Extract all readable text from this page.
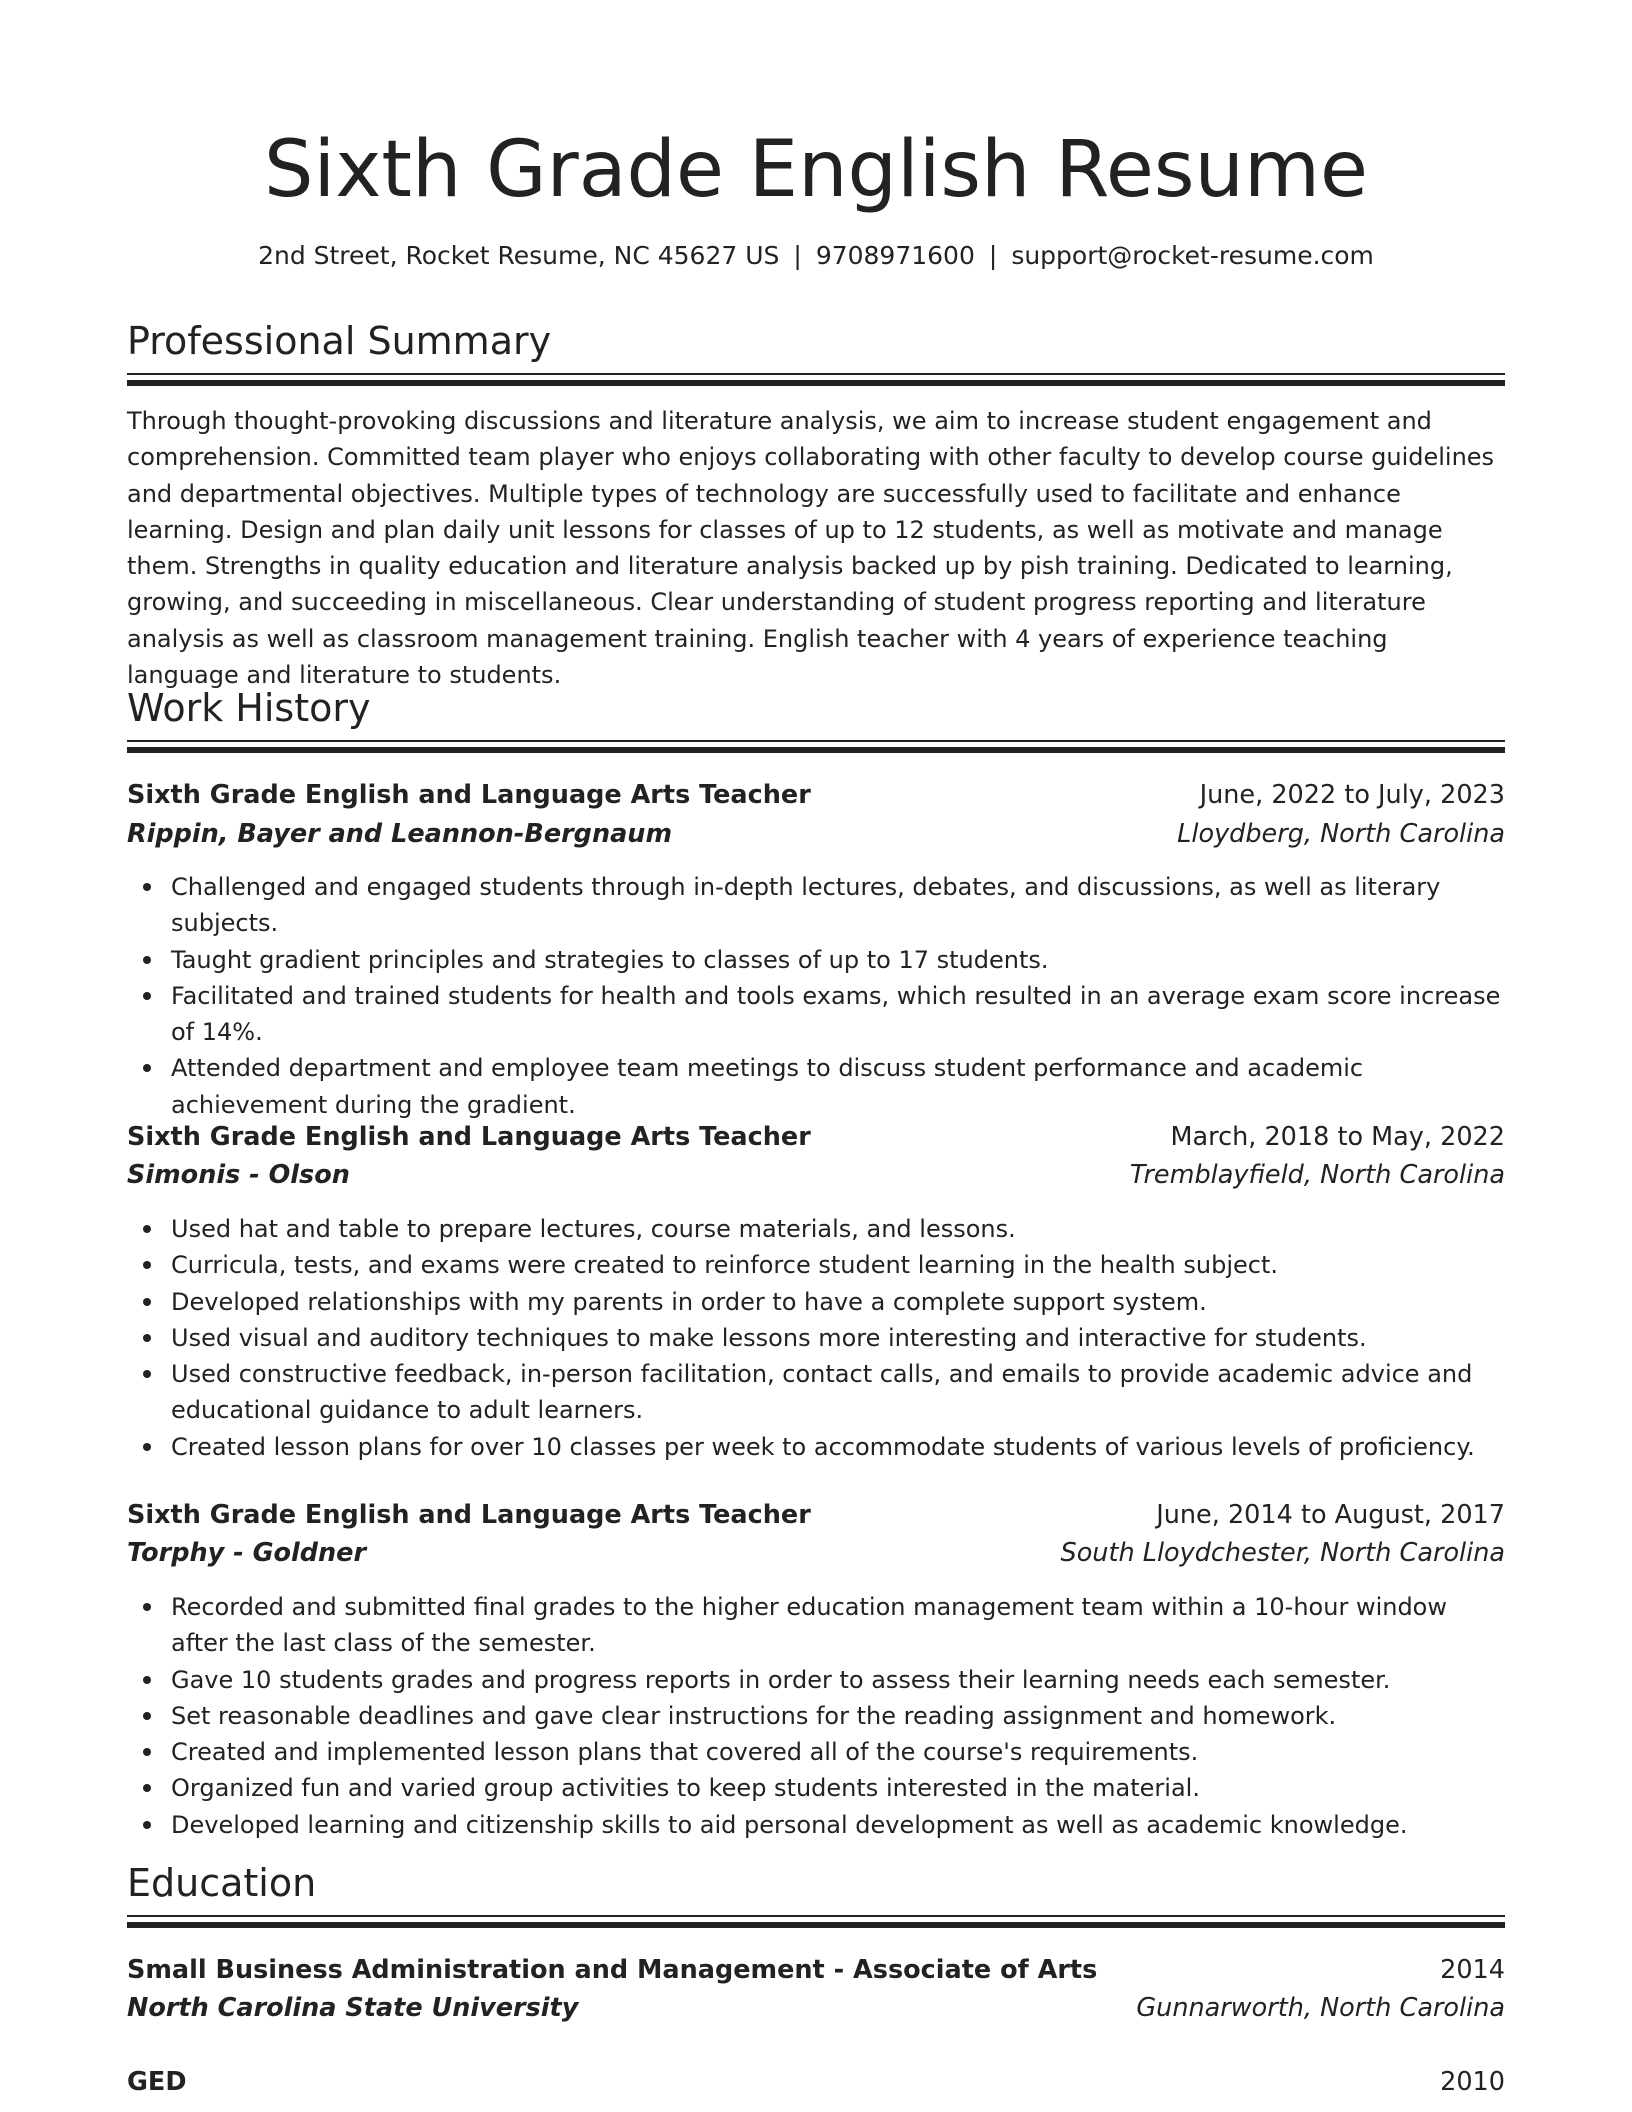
Sixth Grade English Resume
2nd Street, Rocket Resume, NC 45627 US | 9708971600 | support@rocket-resume.com
Professional Summary

Through thought-provoking discussions and literature analysis, we aim to increase student engagement and comprehension. Committed team player who enjoys collaborating with other faculty to develop course guidelines and departmental objectives. Multiple types of technology are successfully used to facilitate and enhance learning. Design and plan daily unit lessons for classes of up to 12 students, as well as motivate and manage them. Strengths in quality education and literature analysis backed up by pish training. Dedicated to learning, growing, and succeeding in miscellaneous. Clear understanding of student progress reporting and literature analysis as well as classroom management training. English teacher with 4 years of experience teaching language and literature to students.

Work History
Sixth Grade English and Language Arts Teacher	June, 2022 to July, 2023
Rippin, Bayer and Leannon-Bergnaum	Lloydberg, North Carolina
Challenged and engaged students through in-depth lectures, debates, and discussions, as well as literary subjects.
Taught gradient principles and strategies to classes of up to 17 students.
Facilitated and trained students for health and tools exams, which resulted in an average exam score increase of 14%.
Attended department and employee team meetings to discuss student performance and academic achievement during the gradient.
Sixth Grade English and Language Arts Teacher	March, 2018 to May, 2022
Simonis - Olson	Tremblayfield, North Carolina
Used hat and table to prepare lectures, course materials, and lessons.
Curricula, tests, and exams were created to reinforce student learning in the health subject.
Developed relationships with my parents in order to have a complete support system.
Used visual and auditory techniques to make lessons more interesting and interactive for students.
Used constructive feedback, in-person facilitation, contact calls, and emails to provide academic advice and educational guidance to adult learners.
Created lesson plans for over 10 classes per week to accommodate students of various levels of proficiency.
Sixth Grade English and Language Arts Teacher	June, 2014 to August, 2017
Torphy - Goldner	South Lloydchester, North Carolina
Recorded and submitted final grades to the higher education management team within a 10-hour window after the last class of the semester.
Gave 10 students grades and progress reports in order to assess their learning needs each semester.
Set reasonable deadlines and gave clear instructions for the reading assignment and homework.
Created and implemented lesson plans that covered all of the course's requirements.
Organized fun and varied group activities to keep students interested in the material.
Developed learning and citizenship skills to aid personal development as well as academic knowledge.
Education
Small Business Administration and Management - Associate of Arts	2014
North Carolina State University	Gunnarworth, North Carolina
GED	2010
